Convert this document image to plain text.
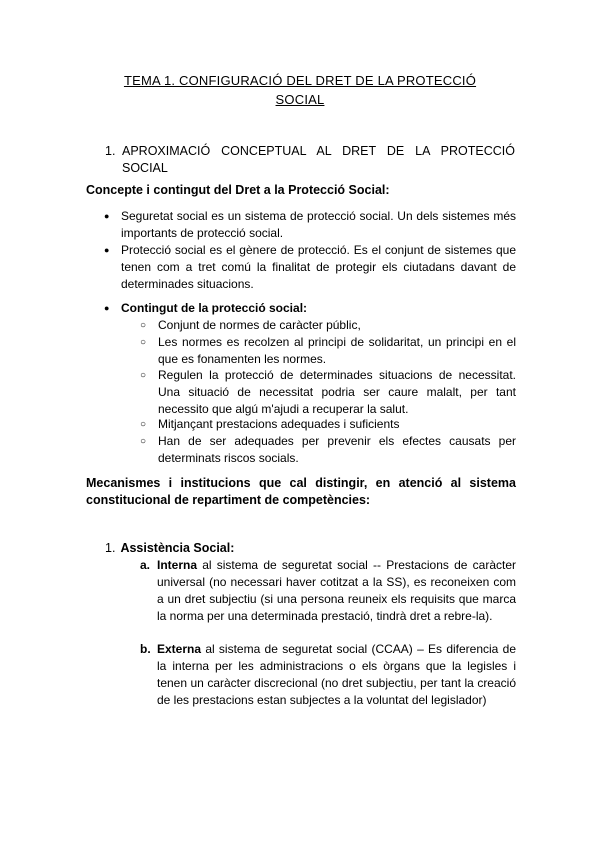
TEMA 1. CONFIGURACIÓ DEL DRET DE LA PROTECCIÓ
SOCIAL
1. APROXIMACIÓ CONCEPTUAL AL DRET DE LA PROTECCIÓ SOCIAL
Concepte i contingut del Dret a la Protecció Social:
● Seguretat social es un sistema de protecció social. Un dels sistemes més importants de protecció social.
● Protecció social es el gènere de protecció. Es el conjunt de sistemes que tenen com a tret comú la finalitat de protegir els ciutadans davant de determinades situacions.
● Contingut de la protecció social:
○ Conjunt de normes de caràcter públic,
○ Les normes es recolzen al principi de solidaritat, un principi en el que es fonamenten les normes.
○ Regulen la protecció de determinades situacions de necessitat. Una situació de necessitat podria ser caure malalt, per tant necessito que algú m'ajudi a recuperar la salut.
○ Mitjançant prestacions adequades i suficients
○ Han de ser adequades per prevenir els efectes causats per determinats riscos socials.
Mecanismes i institucions que cal distingir, en atenció al sistema constitucional de repartiment de competències:
1. Assistència Social:
a. Interna al sistema de seguretat social -- Prestacions de caràcter universal (no necessari haver cotitzat a la SS), es reconeixen com a un dret subjectiu (si una persona reuneix els requisits que marca la norma per una determinada prestació, tindrà dret a rebre-la).
b. Externa al sistema de seguretat social (CCAA) – Es diferencia de la interna per les administracions o els òrgans que la legisles i tenen un caràcter discrecional (no dret subjectiu, per tant la creació de les prestacions estan subjectes a la voluntat del legislador)
